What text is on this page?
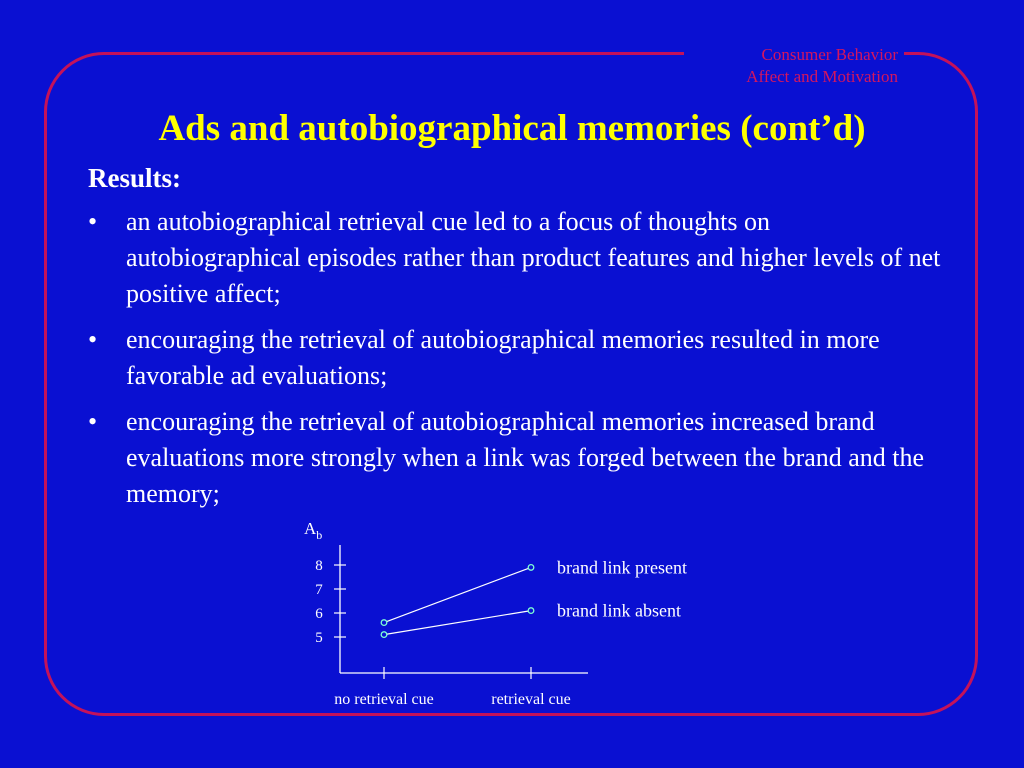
Consumer Behavior
Affect and Motivation
Ads and autobiographical memories (cont’d)
Results:
• an autobiographical retrieval cue led to a focus of thoughts on autobiographical episodes rather than product features and higher levels of net positive affect;
• encouraging the retrieval of autobiographical memories resulted in more favorable ad evaluations;
• encouraging the retrieval of autobiographical memories increased brand evaluations more strongly when a link was forged between the brand and the memory;
$A_b$
5
6
7
8
no retrieval cue	retrieval cue
brand link present
brand link absent
